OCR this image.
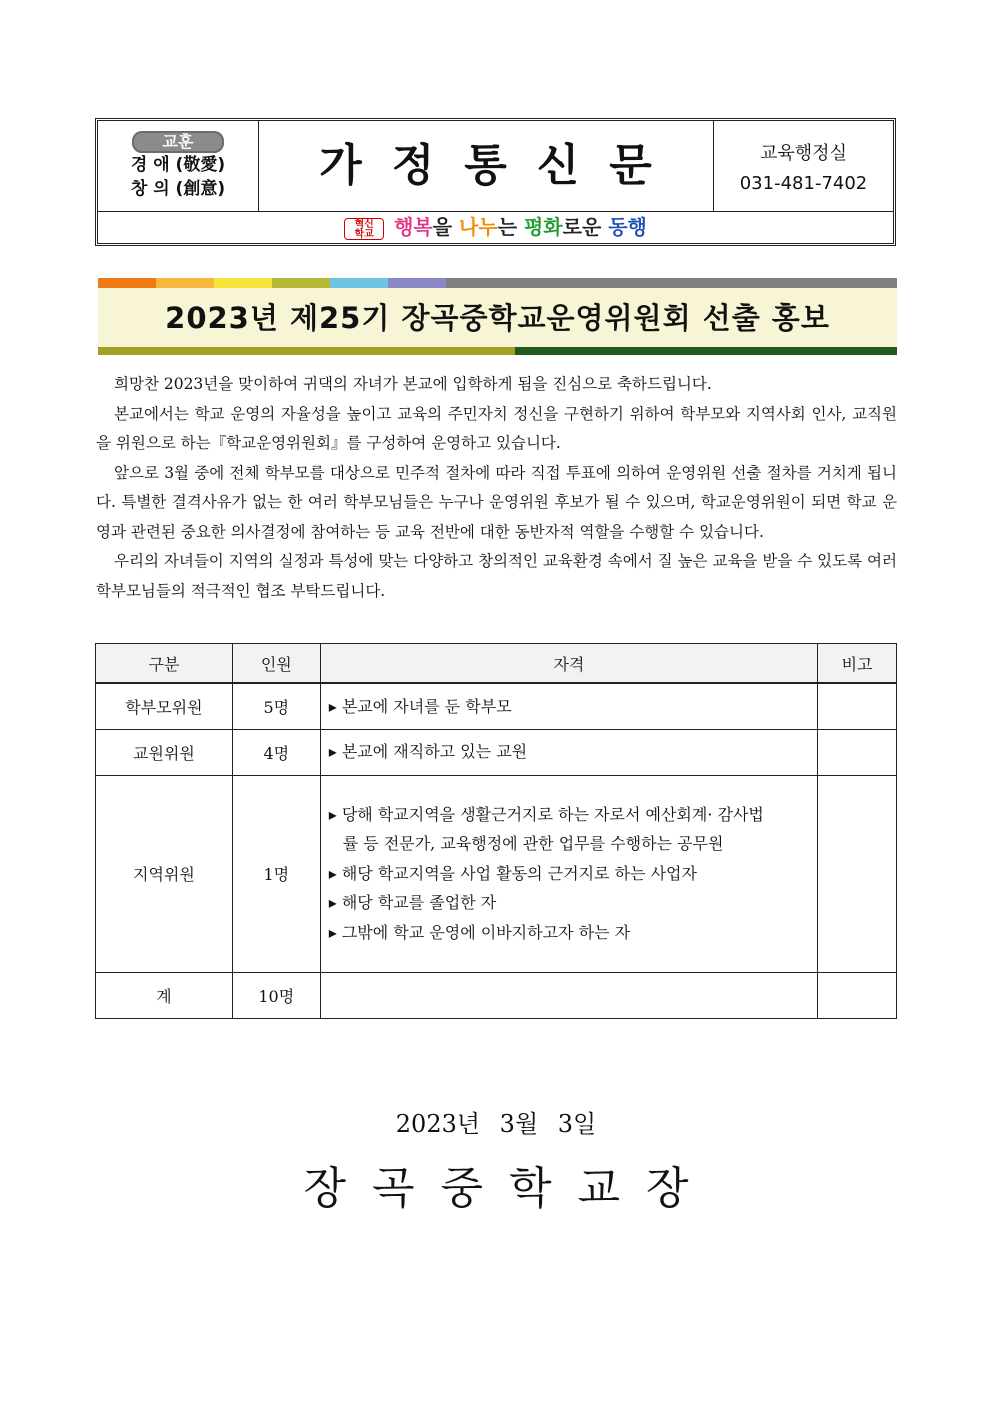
교훈
경 애 (敬愛)
창 의 (創意)	가정통신문	교육행정실
031-481-7402
혁신
학교 행복을 나누는 평화로운 동행
2023년 제25기 장곡중학교운영위원회 선출 홍보

희망찬 2023년을 맞이하여 귀댁의 자녀가 본교에 입학하게 됨을 진심으로 축하드립니다.

본교에서는 학교 운영의 자율성을 높이고 교육의 주민자치 정신을 구현하기 위하여 학부모와 지역사회 인사, 교직원을 위원으로 하는『학교운영위원회』를 구성하여 운영하고 있습니다.

앞으로 3월 중에 전체 학부모를 대상으로 민주적 절차에 따라 직접 투표에 의하여 운영위원 선출 절차를 거치게 됩니다. 특별한 결격사유가 없는 한 여러 학부모님들은 누구나 운영위원 후보가 될 수 있으며, 학교운영위원이 되면 학교 운영과 관련된 중요한 의사결정에 참여하는 등 교육 전반에 대한 동반자적 역할을 수행할 수 있습니다.

우리의 자녀들이 지역의 실정과 특성에 맞는 다양하고 창의적인 교육환경 속에서 질 높은 교육을 받을 수 있도록 여러 학부모님들의 적극적인 협조 부탁드립니다.

구분	인원	자격	비고
학부모위원	5명	▸ 본교에 자녀를 둔 학부모	

교원위원	4명	▸ 본교에 재직하고 있는 교원	

지역위원	1명	▸ 당해 학교지역을 생활근거지로 하는 자로서 예산회계· 감사법
률 등 전문가, 교육행정에 관한 업무를 수행하는 공무원
▸ 해당 학교지역을 사업 활동의 근거지로 하는 사업자
▸ 해당 학교를 졸업한 자
▸ 그밖에 학교 운영에 이바지하고자 하는 자	

계	10명		
2023년 3월 3일
장곡중학교장
